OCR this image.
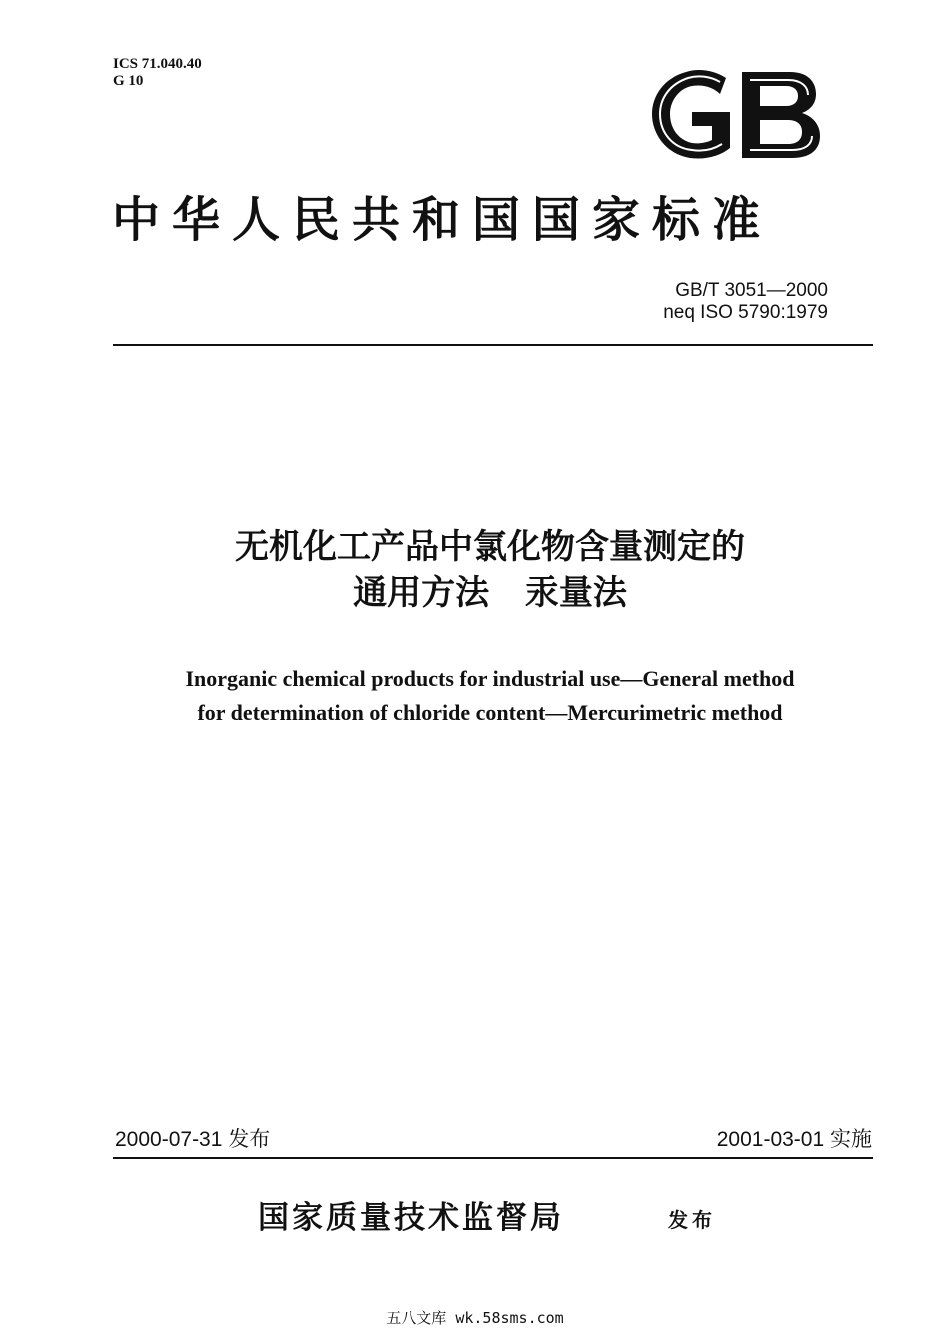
ICS 71.040.40
G 10
中华人民共和国国家标准
GB/T 3051—2000
neq ISO 5790:1979
无机化工产品中氯化物含量测定的
通用方法 汞量法
Inorganic chemical products for industrial use—General method
for determination of chloride content—Mercurimetric method
2000-07-31 发布	2001-03-01 实施
国家质量技术监督局	发布
五八文库 wk.58sms.com
